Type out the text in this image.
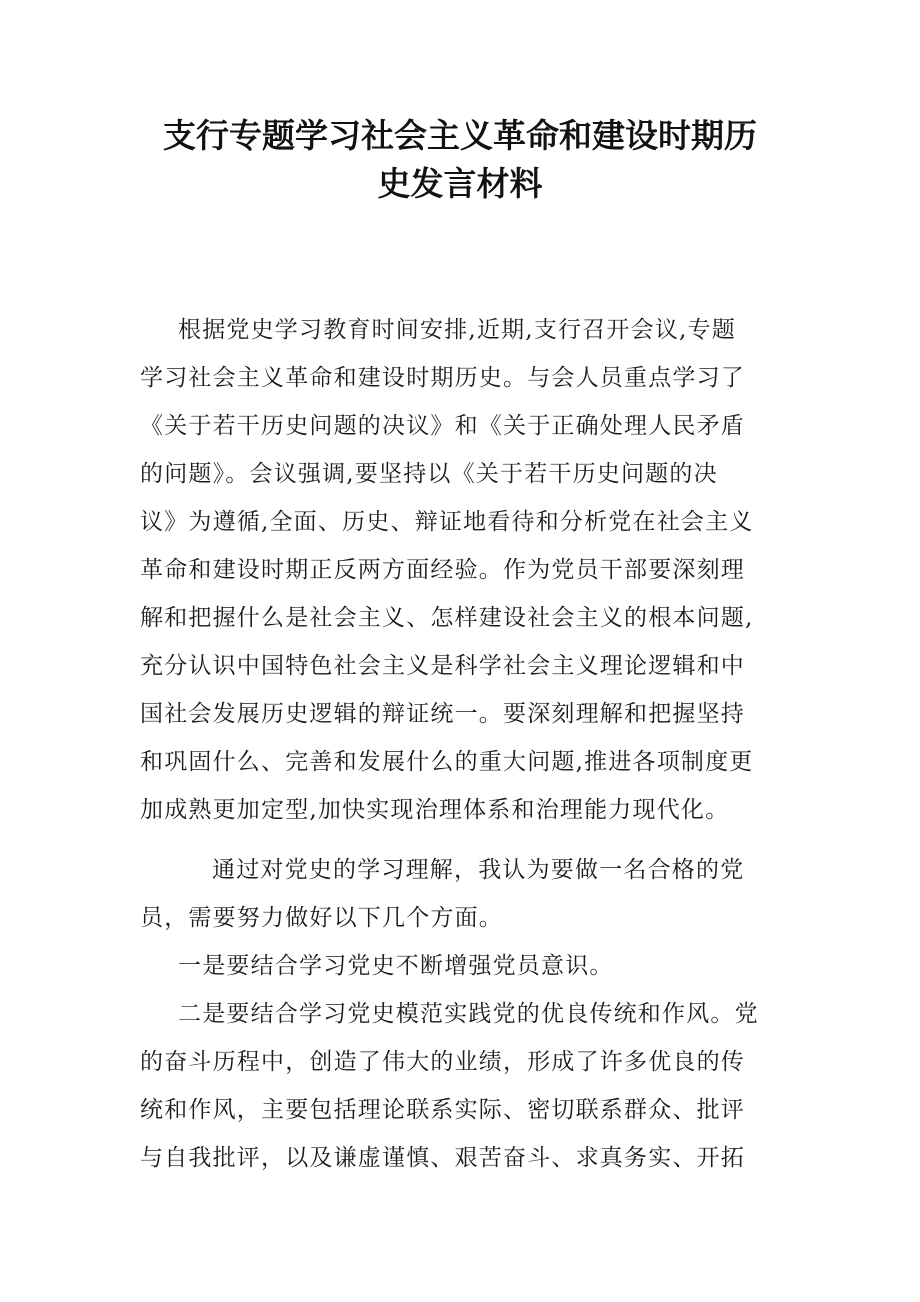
支行专题学习社会主义革命和建设时期历
史发言材料
根据党史学习教育时间安排,近期,支行召开会议,专题
学习社会主义革命和建设时期历史。与会人员重点学习了
《关于若干历史问题的决议》和《关于正确处理人民矛盾
的问题》。会议强调,要坚持以《关于若干历史问题的决
议》为遵循,全面、历史、辩证地看待和分析党在社会主义
革命和建设时期正反两方面经验。作为党员干部要深刻理
解和把握什么是社会主义、怎样建设社会主义的根本问题,
充分认识中国特色社会主义是科学社会主义理论逻辑和中
国社会发展历史逻辑的辩证统一。要深刻理解和把握坚持
和巩固什么、完善和发展什么的重大问题,推进各项制度更
加成熟更加定型,加快实现治理体系和治理能力现代化。
通过对党史的学习理解，我认为要做一名合格的党
员，需要努力做好以下几个方面。
一是要结合学习党史不断增强党员意识。
二是要结合学习党史模范实践党的优良传统和作风。党
的奋斗历程中，创造了伟大的业绩，形成了许多优良的传
统和作风，主要包括理论联系实际、密切联系群众、批评
与自我批评，以及谦虚谨慎、艰苦奋斗、求真务实、开拓
